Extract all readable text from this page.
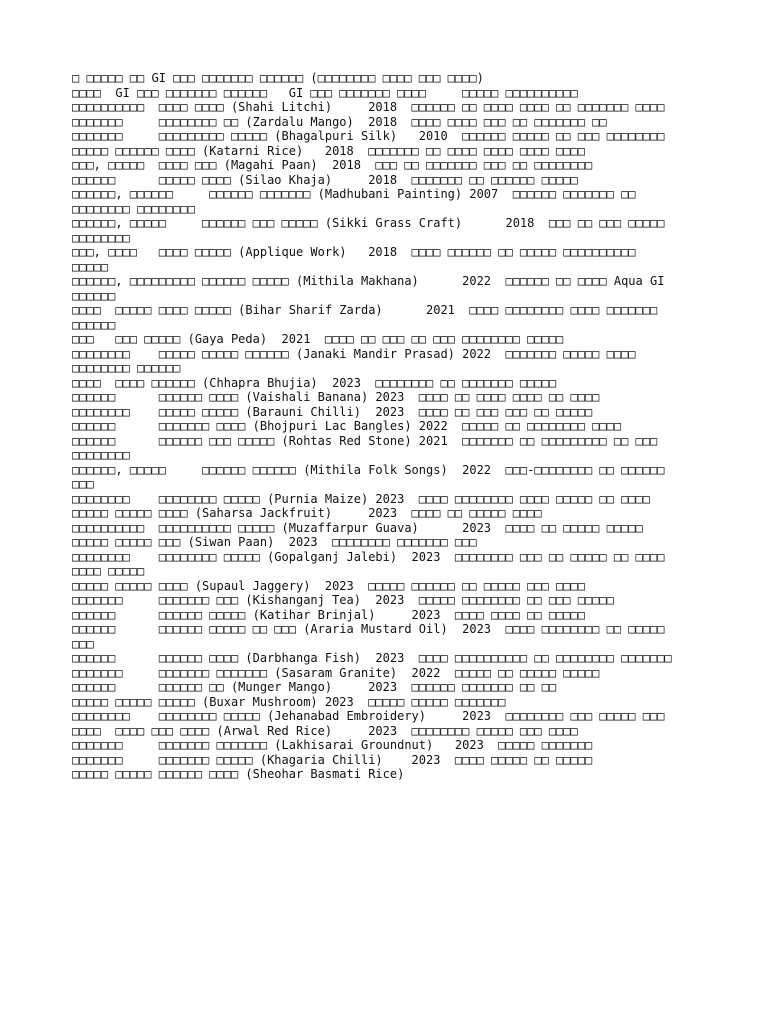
□ □□□□□ □□ GI □□□ □□□□□□□ □□□□□□ (□□□□□□□□ □□□□ □□□ □□□□)
□□□□  GI □□□ □□□□□□□ □□□□□□   GI □□□ □□□□□□□ □□□□     □□□□□ □□□□□□□□□□
□□□□□□□□□□  □□□□ □□□□ (Shahi Litchi)     2018  □□□□□□ □□ □□□□ □□□□ □□ □□□□□□□ □□□□
□□□□□□□     □□□□□□□□ □□ (Zardalu Mango)  2018  □□□□ □□□□ □□□ □□ □□□□□□□ □□
□□□□□□□     □□□□□□□□□ □□□□□ (Bhagalpuri Silk)   2010  □□□□□□ □□□□□ □□ □□□ □□□□□□□□
□□□□□ □□□□□□ □□□□ (Katarni Rice)   2018  □□□□□□□ □□ □□□□ □□□□ □□□□ □□□□
□□□, □□□□□  □□□□ □□□ (Magahi Paan)  2018  □□□ □□ □□□□□□□ □□□ □□ □□□□□□□□
□□□□□□      □□□□□ □□□□ (Silao Khaja)     2018  □□□□□□□ □□ □□□□□□ □□□□□
□□□□□□, □□□□□□     □□□□□□ □□□□□□□ (Madhubani Painting) 2007  □□□□□□ □□□□□□□ □□
□□□□□□□□ □□□□□□□□
□□□□□□, □□□□□     □□□□□□ □□□ □□□□□ (Sikki Grass Craft)      2018  □□□ □□ □□□ □□□□□
□□□□□□□□
□□□, □□□□   □□□□ □□□□□ (Applique Work)   2018  □□□□ □□□□□□ □□ □□□□□ □□□□□□□□□□
□□□□□
□□□□□□, □□□□□□□□□ □□□□□□ □□□□□ (Mithila Makhana)      2022  □□□□□□ □□ □□□□ Aqua GI
□□□□□□
□□□□  □□□□□ □□□□ □□□□□ (Bihar Sharif Zarda)      2021  □□□□ □□□□□□□□ □□□□ □□□□□□□
□□□□□□
□□□   □□□ □□□□□ (Gaya Peda)  2021  □□□□ □□ □□□ □□ □□□ □□□□□□□□ □□□□□
□□□□□□□□    □□□□□ □□□□□ □□□□□□ (Janaki Mandir Prasad) 2022  □□□□□□□ □□□□□ □□□□
□□□□□□□□ □□□□□□
□□□□  □□□□ □□□□□□ (Chhapra Bhujia)  2023  □□□□□□□□ □□ □□□□□□□ □□□□□
□□□□□□      □□□□□□ □□□□ (Vaishali Banana) 2023  □□□□ □□ □□□□ □□□□ □□ □□□□
□□□□□□□□    □□□□□ □□□□□ (Barauni Chilli)  2023  □□□□ □□ □□□ □□□ □□ □□□□□
□□□□□□      □□□□□□□ □□□□ (Bhojpuri Lac Bangles) 2022  □□□□□ □□ □□□□□□□□ □□□□
□□□□□□      □□□□□□ □□□ □□□□□ (Rohtas Red Stone) 2021  □□□□□□□ □□ □□□□□□□□□ □□ □□□
□□□□□□□□
□□□□□□, □□□□□     □□□□□□ □□□□□□ (Mithila Folk Songs)  2022  □□□-□□□□□□□□ □□ □□□□□□
□□□
□□□□□□□□    □□□□□□□□ □□□□□ (Purnia Maize) 2023  □□□□ □□□□□□□□ □□□□ □□□□□ □□ □□□□
□□□□□ □□□□□ □□□□ (Saharsa Jackfruit)     2023  □□□□ □□ □□□□□ □□□□
□□□□□□□□□□  □□□□□□□□□□ □□□□□ (Muzaffarpur Guava)      2023  □□□□ □□ □□□□□ □□□□□
□□□□□ □□□□□ □□□ (Siwan Paan)  2023  □□□□□□□□ □□□□□□□ □□□
□□□□□□□□    □□□□□□□□ □□□□□ (Gopalganj Jalebi)  2023  □□□□□□□□ □□□ □□ □□□□□ □□ □□□□
□□□□ □□□□□
□□□□□ □□□□□ □□□□ (Supaul Jaggery)  2023  □□□□□ □□□□□□ □□ □□□□□ □□□ □□□□
□□□□□□□     □□□□□□□ □□□ (Kishanganj Tea)  2023  □□□□□ □□□□□□□□ □□ □□□ □□□□□
□□□□□□      □□□□□□ □□□□□ (Katihar Brinjal)     2023  □□□□ □□□□ □□ □□□□□
□□□□□□      □□□□□□ □□□□□ □□ □□□ (Araria Mustard Oil)  2023  □□□□ □□□□□□□□ □□ □□□□□
□□□
□□□□□□      □□□□□□ □□□□ (Darbhanga Fish)  2023  □□□□ □□□□□□□□□□ □□ □□□□□□□□ □□□□□□□
□□□□□□□     □□□□□□□ □□□□□□□ (Sasaram Granite)  2022  □□□□□ □□ □□□□□ □□□□□
□□□□□□      □□□□□□ □□ (Munger Mango)     2023  □□□□□□ □□□□□□□ □□ □□
□□□□□ □□□□□ □□□□□ (Buxar Mushroom) 2023  □□□□□ □□□□□ □□□□□□□
□□□□□□□□    □□□□□□□□ □□□□□ (Jehanabad Embroidery)     2023  □□□□□□□□ □□□ □□□□□ □□□
□□□□  □□□□ □□□ □□□□ (Arwal Red Rice)     2023  □□□□□□□□ □□□□□ □□□ □□□□
□□□□□□□     □□□□□□□ □□□□□□□ (Lakhisarai Groundnut)   2023  □□□□□ □□□□□□□
□□□□□□□     □□□□□□□ □□□□□ (Khagaria Chilli)    2023  □□□□ □□□□□ □□ □□□□□
□□□□□ □□□□□ □□□□□□ □□□□ (Sheohar Basmati Rice)
